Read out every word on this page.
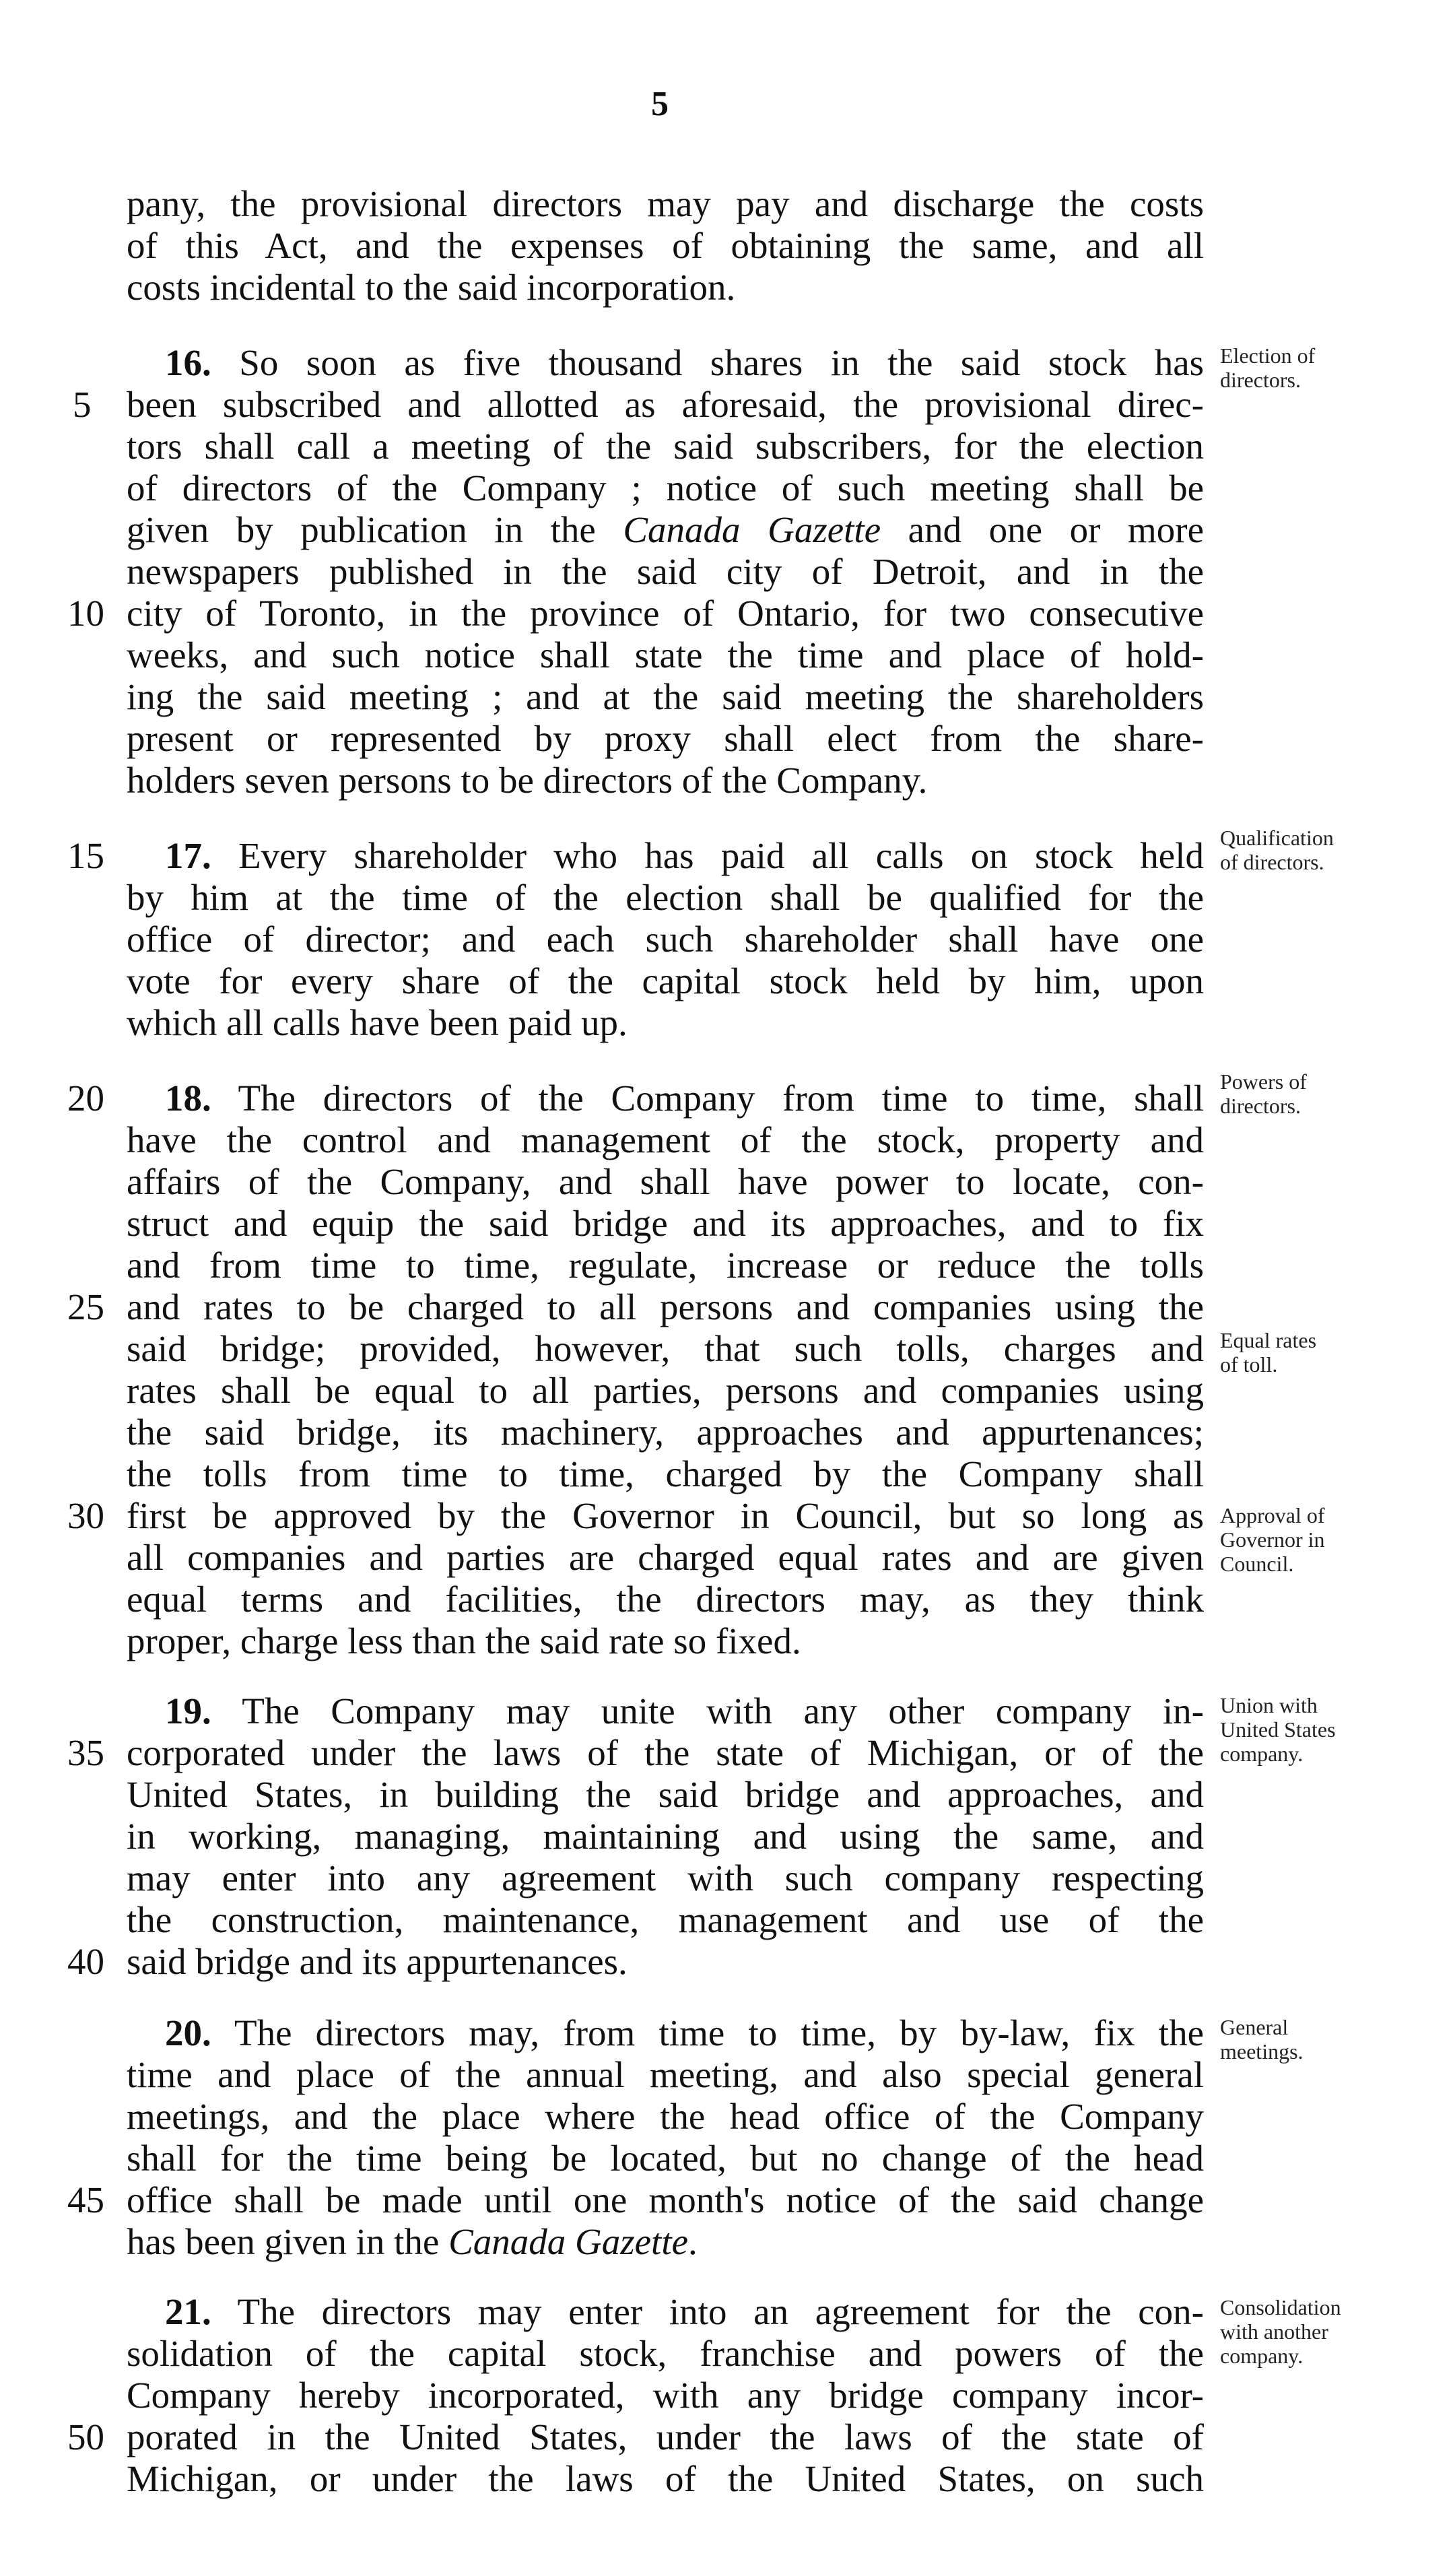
5
pany, the provisional directors may pay and discharge the costs
of this Act, and the expenses of obtaining the same, and all
costs incidental to the said incorporation.
16. So soon as five thousand shares in the said stock has
been subscribed and allotted as aforesaid, the provisional direc-
tors shall call a meeting of the said subscribers, for the election
of directors of the Company ; notice of such meeting shall be
given by publication in the Canada Gazette and one or more
newspapers published in the said city of Detroit, and in the
city of Toronto, in the province of Ontario, for two consecutive
weeks, and such notice shall state the time and place of hold-
ing the said meeting ; and at the said meeting the shareholders
present or represented by proxy shall elect from the share-
holders seven persons to be directors of the Company.
Election of
directors.
17. Every shareholder who has paid all calls on stock held
by him at the time of the election shall be qualified for the
office of director; and each such shareholder shall have one
vote for every share of the capital stock held by him, upon
which all calls have been paid up.
Qualification
of directors.
18. The directors of the Company from time to time, shall
have the control and management of the stock, property and
affairs of the Company, and shall have power to locate, con-
struct and equip the said bridge and its approaches, and to fix
and from time to time, regulate, increase or reduce the tolls
and rates to be charged to all persons and companies using the
said bridge; provided, however, that such tolls, charges and
rates shall be equal to all parties, persons and companies using
the said bridge, its machinery, approaches and appurtenances;
the tolls from time to time, charged by the Company shall
first be approved by the Governor in Council, but so long as
all companies and parties are charged equal rates and are given
equal terms and facilities, the directors may, as they think
proper, charge less than the said rate so fixed.
Powers of
directors.
Equal rates
of toll.
Approval of
Governor in
Council.
19. The Company may unite with any other company in-
corporated under the laws of the state of Michigan, or of the
United States, in building the said bridge and approaches, and
in working, managing, maintaining and using the same, and
may enter into any agreement with such company respecting
the construction, maintenance, management and use of the
said bridge and its appurtenances.
Union with
United States
company.
20. The directors may, from time to time, by by-law, fix the
time and place of the annual meeting, and also special general
meetings, and the place where the head office of the Company
shall for the time being be located, but no change of the head
office shall be made until one month's notice of the said change
has been given in the Canada Gazette.
General
meetings.
21. The directors may enter into an agreement for the con-
solidation of the capital stock, franchise and powers of the
Company hereby incorporated, with any bridge company incor-
porated in the United States, under the laws of the state of
Michigan, or under the laws of the United States, on such
Consolidation
with another
company.
5
10
15
20
25
30
35
40
45
50
